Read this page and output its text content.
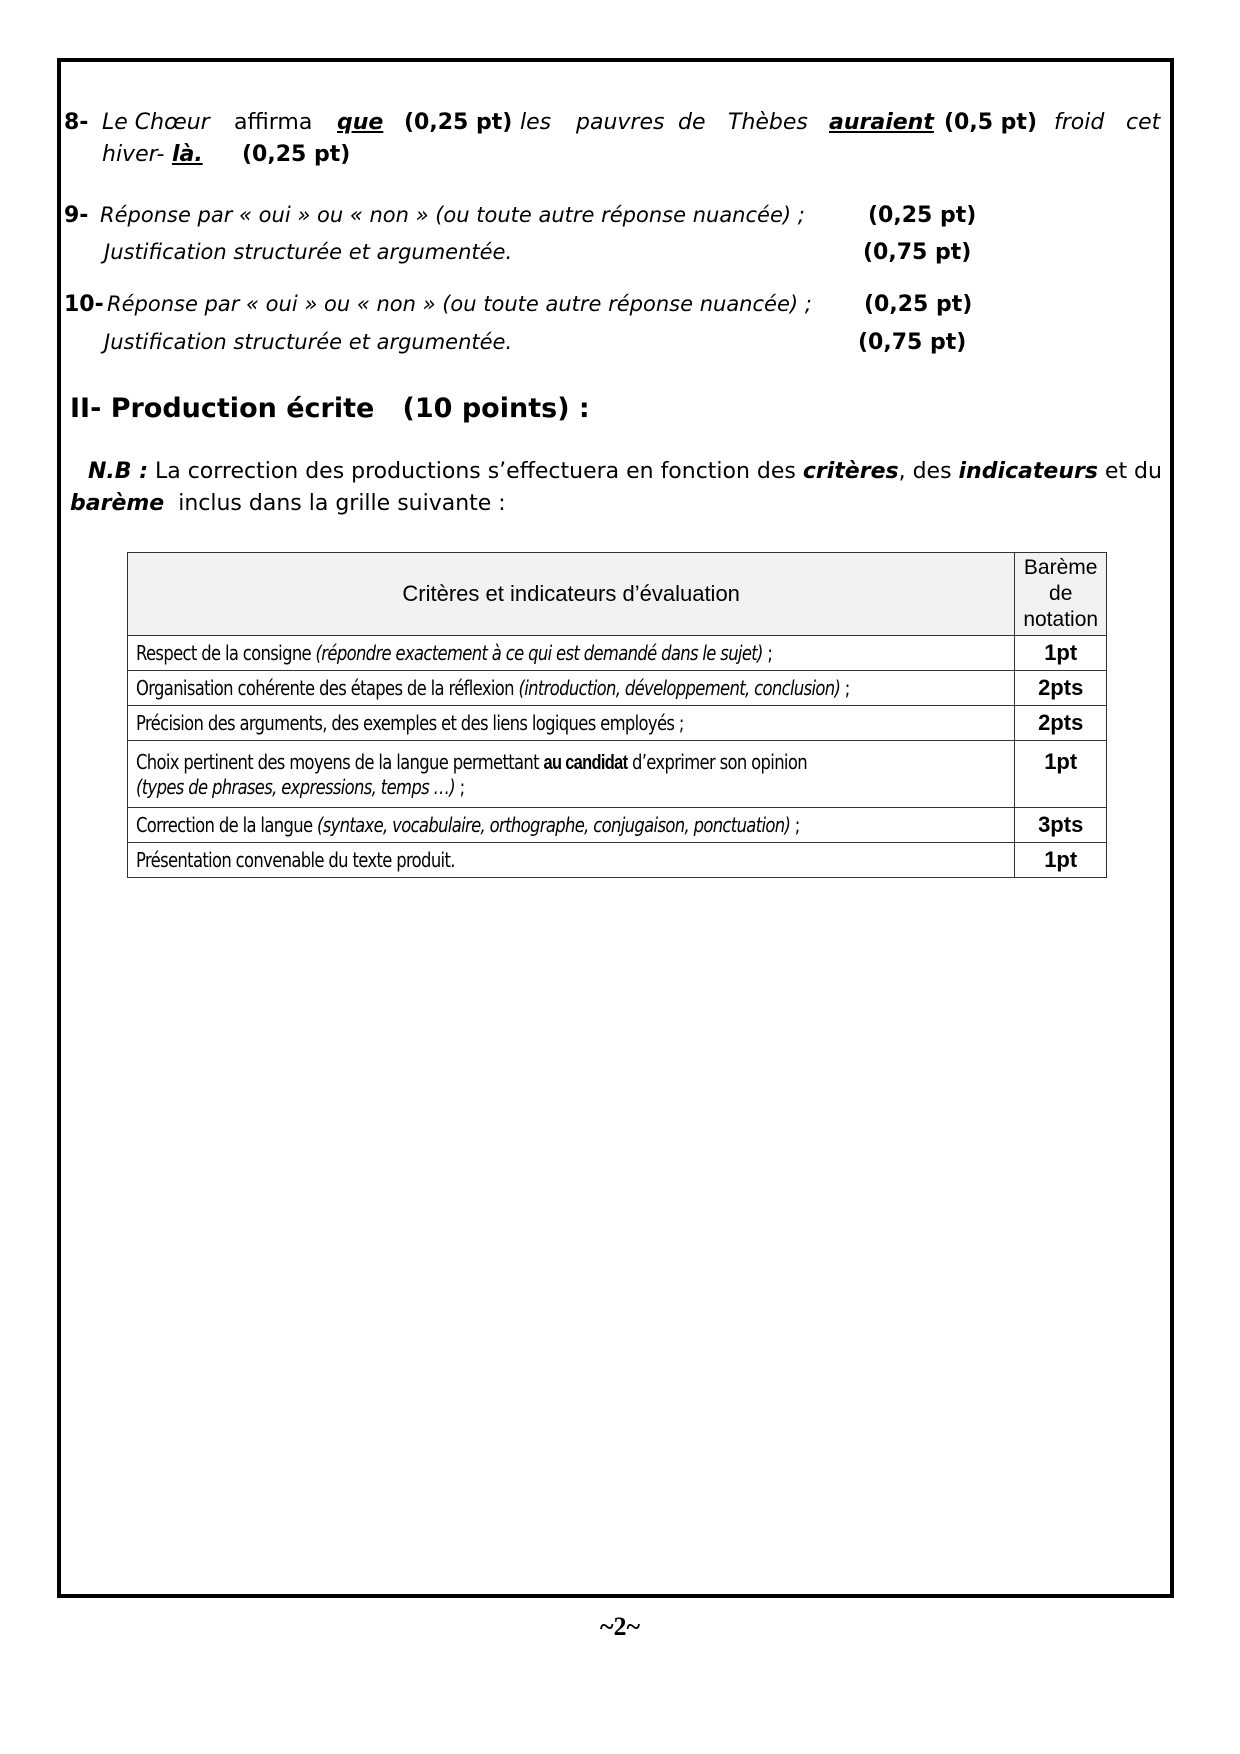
8- Le Chœur affirma que (0,25 pt) les pauvres de Thèbes auraient (0,5 pt) froid cet
hiver- là. (0,25 pt)
9- Réponse par « oui » ou « non » (ou toute autre réponse nuancée) ;	(0,25 pt)
Justification structurée et argumentée.	(0,75 pt)
10- Réponse par « oui » ou « non » (ou toute autre réponse nuancée) ; (0,25 pt)
Justification structurée et argumentée.	(0,75 pt)
II- Production écrite (10 points) :
N.B : La correction des productions s’effectuera en fonction des critères, des indicateurs et du
barème inclus dans la grille suivante :
Critères et indicateurs d’évaluation	Barème de notation
Respect de la consigne (répondre exactement à ce qui est demandé dans le sujet) ;	1pt
Organisation cohérente des étapes de la réflexion (introduction, développement, conclusion) ;	2pts
Précision des arguments, des exemples et des liens logiques employés ;	2pts

Choix pertinent des moyens de la langue permettant au candidat d’exprimer son opinion
(types de phrases, expressions, temps …) ;	1pt
Correction de la langue (syntaxe, vocabulaire, orthographe, conjugaison, ponctuation) ;	3pts
Présentation convenable du texte produit.	1pt
~2~
